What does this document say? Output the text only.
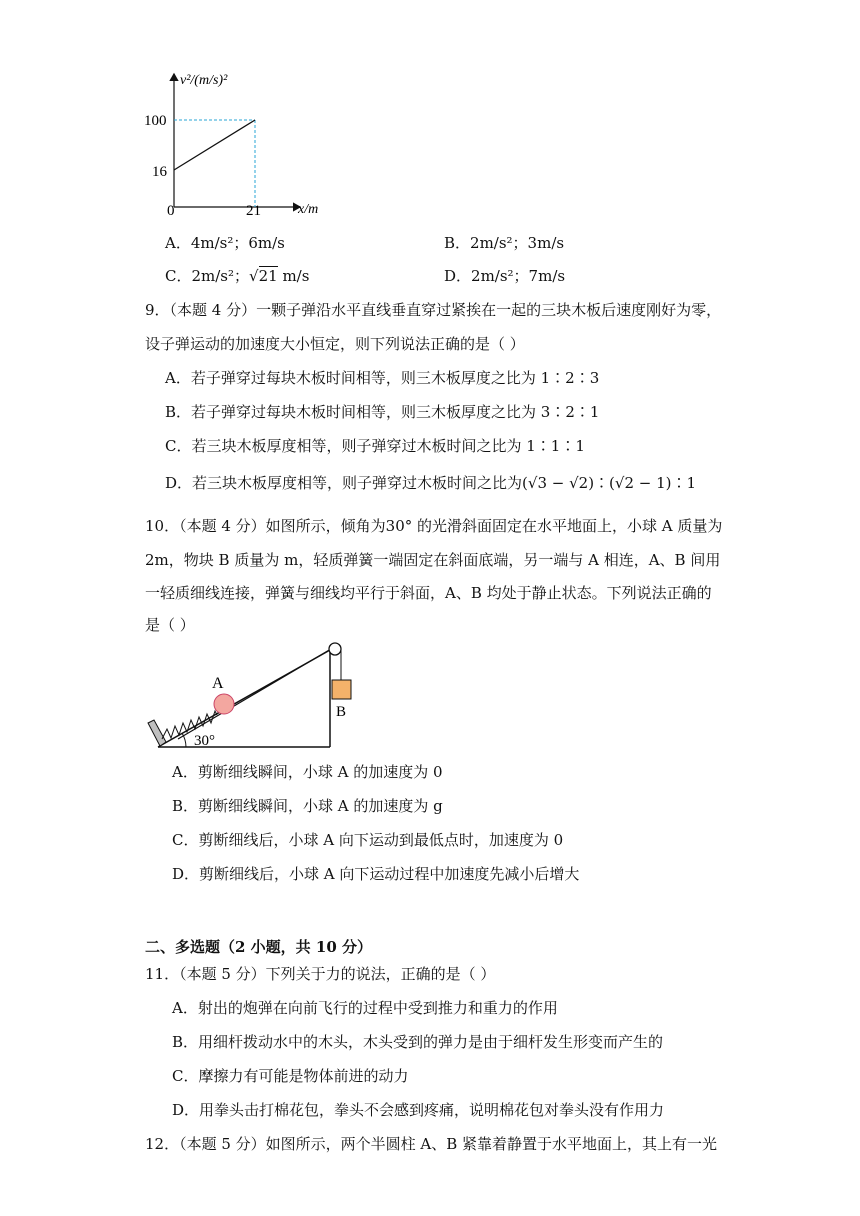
v²/(m/s)²
x/m
100
16
0	21
A．4m/s²；6m/s	B．2m/s²；3m/s
C．2m/s²；√21 m/s	D．2m/s²；7m/s
9．（本题 4 分）一颗子弹沿水平直线垂直穿过紧挨在一起的三块木板后速度刚好为零，
设子弹运动的加速度大小恒定，则下列说法正确的是（ ）
A．若子弹穿过每块木板时间相等，则三木板厚度之比为 1∶2∶3
B．若子弹穿过每块木板时间相等，则三木板厚度之比为 3∶2∶1
C．若三块木板厚度相等，则子弹穿过木板时间之比为 1∶1∶1
D．若三块木板厚度相等，则子弹穿过木板时间之比为(√3 − √2)∶(√2 − 1)∶1
10．（本题 4 分）如图所示，倾角为30° 的光滑斜面固定在水平地面上，小球 A 质量为
2m，物块 B 质量为 m，轻质弹簧一端固定在斜面底端，另一端与 A 相连，A、B 间用
一轻质细线连接，弹簧与细线均平行于斜面，A、B 均处于静止状态。下列说法正确的
是（ ）
B
A
30°
A．剪断细线瞬间，小球 A 的加速度为 0
B．剪断细线瞬间，小球 A 的加速度为 g
C．剪断细线后，小球 A 向下运动到最低点时，加速度为 0
D．剪断细线后，小球 A 向下运动过程中加速度先减小后增大
二、多选题（2 小题，共 10 分）
11．（本题 5 分）下列关于力的说法，正确的是（ ）
A．射出的炮弹在向前飞行的过程中受到推力和重力的作用
B．用细杆拨动水中的木头，木头受到的弹力是由于细杆发生形变而产生的
C．摩擦力有可能是物体前进的动力
D．用拳头击打棉花包，拳头不会感到疼痛，说明棉花包对拳头没有作用力
12．（本题 5 分）如图所示，两个半圆柱 A、B 紧靠着静置于水平地面上，其上有一光
